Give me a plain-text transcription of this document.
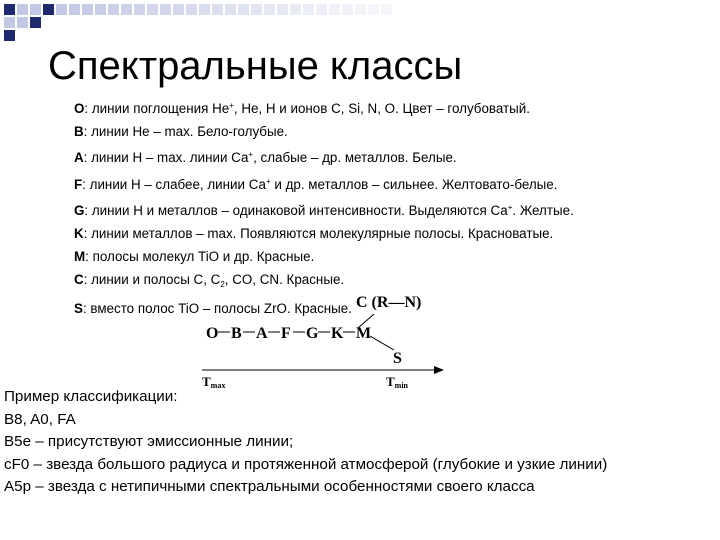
Спектральные классы
O: линии поглощения Не+, Не, Н и ионов С, Si, N, O. Цвет – голубоватый.
B: линии Не – max. Бело-голубые.
A: линии Н – max. линии Са+, слабые – др. металлов. Белые.
F: линии Н – слабее, линии Са+ и др. металлов – сильнее. Желтовато-белые.
G: линии Н и металлов – одинаковой интенсивности. Выделяются Са+. Желтые.
K: линии металлов – max. Появляются молекулярные полосы. Красноватые.
M: полосы молекул TiO и др. Красные.
C: линии и полосы С, $С_2$, CO, CN. Красные.
S: вместо полос TiO – полосы ZrO. Красные. C (R—N)
O B A F G K M
S
Tmax	Tmin
Пример классификации:
B8, A0, FA
B5e – присутствуют эмиссионные линии;
cF0 – звезда большого радиуса и протяженной атмосферой (глубокие и узкие линии)
A5p – звезда с нетипичными спектральными особенностями своего класса
